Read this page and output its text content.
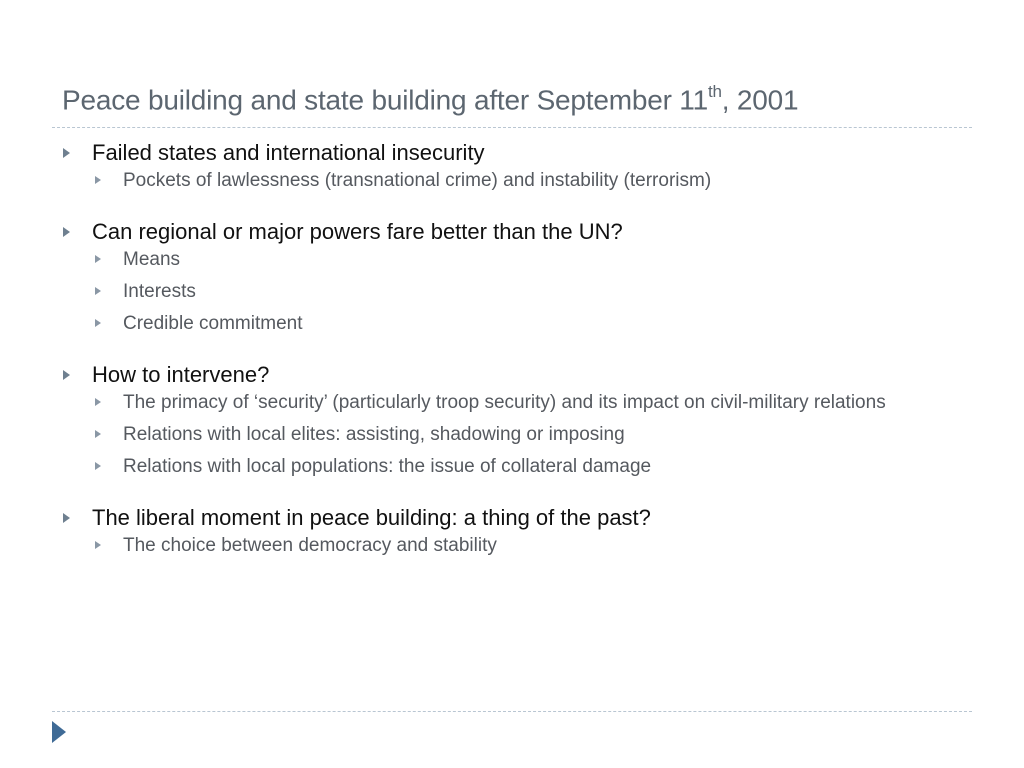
Peace building and state building after September 11th, 2001
Failed states and international insecurity
Pockets of lawlessness (transnational crime) and instability (terrorism)
Can regional or major powers fare better than the UN?
Means
Interests
Credible commitment
How to intervene?
The primacy of ‘security’ (particularly troop security) and its impact on civil-military relations
Relations with local elites: assisting, shadowing or imposing
Relations with local populations: the issue of collateral damage
The liberal moment in peace building: a thing of the past?
The choice between democracy and stability
